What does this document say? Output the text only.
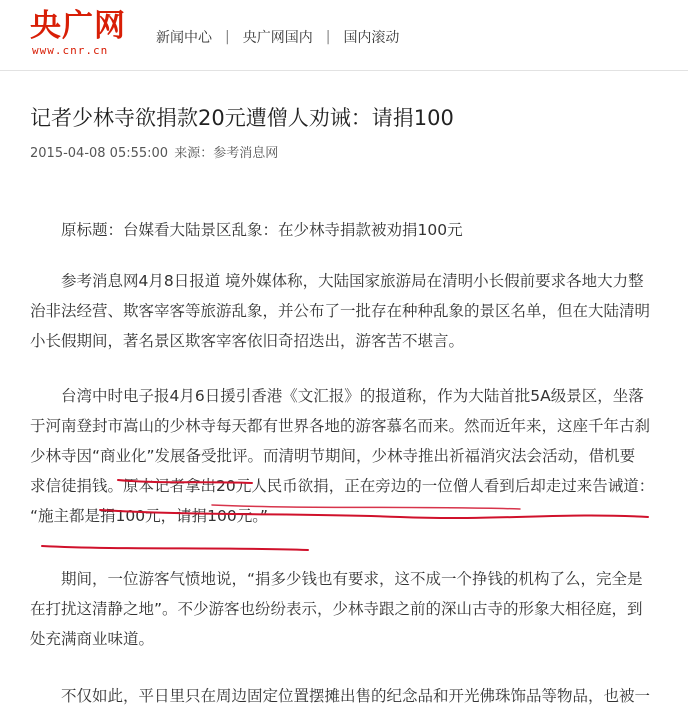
央广网
www.cnr.cn
新闻中心 | 央广网国内 | 国内滚动
记者少林寺欲捐款20元遭僧人劝诫：请捐100
2015-04-08 05:55:00 来源：参考消息网
原标题：台媒看大陆景区乱象：在少林寺捐款被劝捐100元
参考消息网4月8日报道 境外媒体称，大陆国家旅游局在清明小长假前要求各地大力整
治非法经营、欺客宰客等旅游乱象，并公布了一批存在种种乱象的景区名单，但在大陆清明
小长假期间，著名景区欺客宰客依旧奇招迭出，游客苦不堪言。
台湾中时电子报4月6日援引香港《文汇报》的报道称，作为大陆首批5A级景区，坐落
于河南登封市嵩山的少林寺每天都有世界各地的游客慕名而来。然而近年来，这座千年古刹
少林寺因“商业化”发展备受批评。而清明节期间，少林寺推出祈福消灾法会活动，借机要
求信徒捐钱。原本记者拿出20元人民币欲捐，正在旁边的一位僧人看到后却走过来告诫道：
“施主都是捐100元，请捐100元。”
期间，一位游客气愤地说，“捐多少钱也有要求，这不成一个挣钱的机构了么，完全是
在打扰这清静之地”。不少游客也纷纷表示，少林寺跟之前的深山古寺的形象大相径庭，到
处充满商业味道。
不仅如此，平日里只在周边固定位置摆摊出售的纪念品和开光佛珠饰品等物品，也被一
